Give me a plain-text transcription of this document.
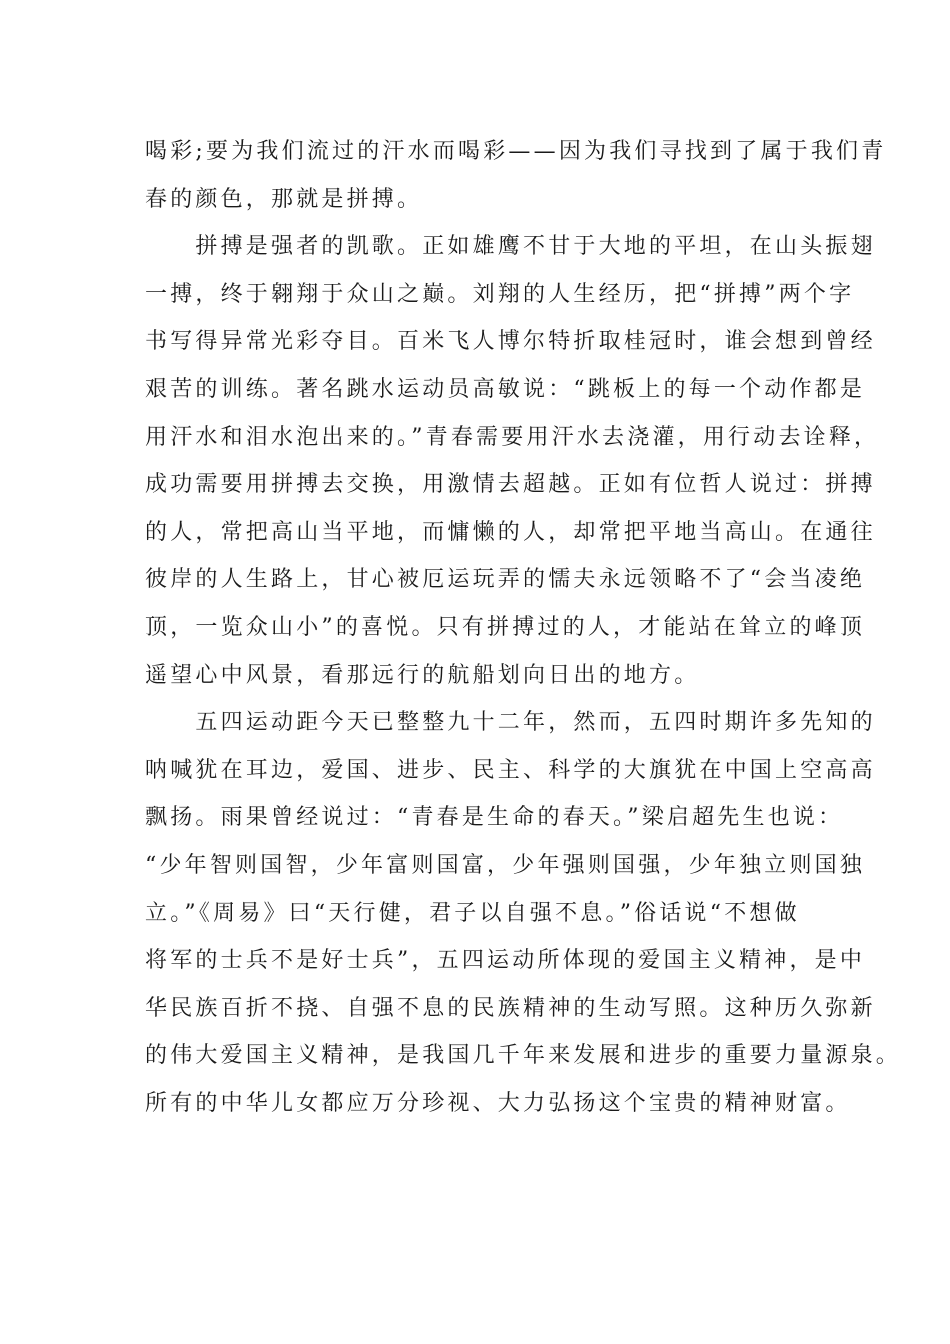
喝彩;要为我们流过的汗水而喝彩——因为我们寻找到了属于我们青
春的颜色，那就是拼搏。

　　拼搏是强者的凯歌。正如雄鹰不甘于大地的平坦，在山头振翅
一搏，终于翱翔于众山之巅。刘翔的人生经历，把“拼搏”两个字
书写得异常光彩夺目。百米飞人博尔特折取桂冠时，谁会想到曾经
艰苦的训练。著名跳水运动员高敏说：“跳板上的每一个动作都是
用汗水和泪水泡出来的。”青春需要用汗水去浇灌，用行动去诠释，
成功需要用拼搏去交换，用激情去超越。正如有位哲人说过：拼搏
的人，常把高山当平地，而慵懒的人，却常把平地当高山。在通往
彼岸的人生路上，甘心被厄运玩弄的懦夫永远领略不了“会当凌绝
顶，一览众山小”的喜悦。只有拼搏过的人，才能站在耸立的峰顶
遥望心中风景，看那远行的航船划向日出的地方。

　　五四运动距今天已整整九十二年，然而，五四时期许多先知的
呐喊犹在耳边，爱国、进步、民主、科学的大旗犹在中国上空高高
飘扬。雨果曾经说过：“青春是生命的春天。”梁启超先生也说：
“少年智则国智，少年富则国富，少年强则国强，少年独立则国独
立。”《周易》曰“天行健，君子以自强不息。”俗话说“不想做
将军的士兵不是好士兵”，五四运动所体现的爱国主义精神，是中
华民族百折不挠、自强不息的民族精神的生动写照。这种历久弥新
的伟大爱国主义精神，是我国几千年来发展和进步的重要力量源泉。
所有的中华儿女都应万分珍视、大力弘扬这个宝贵的精神财富。
